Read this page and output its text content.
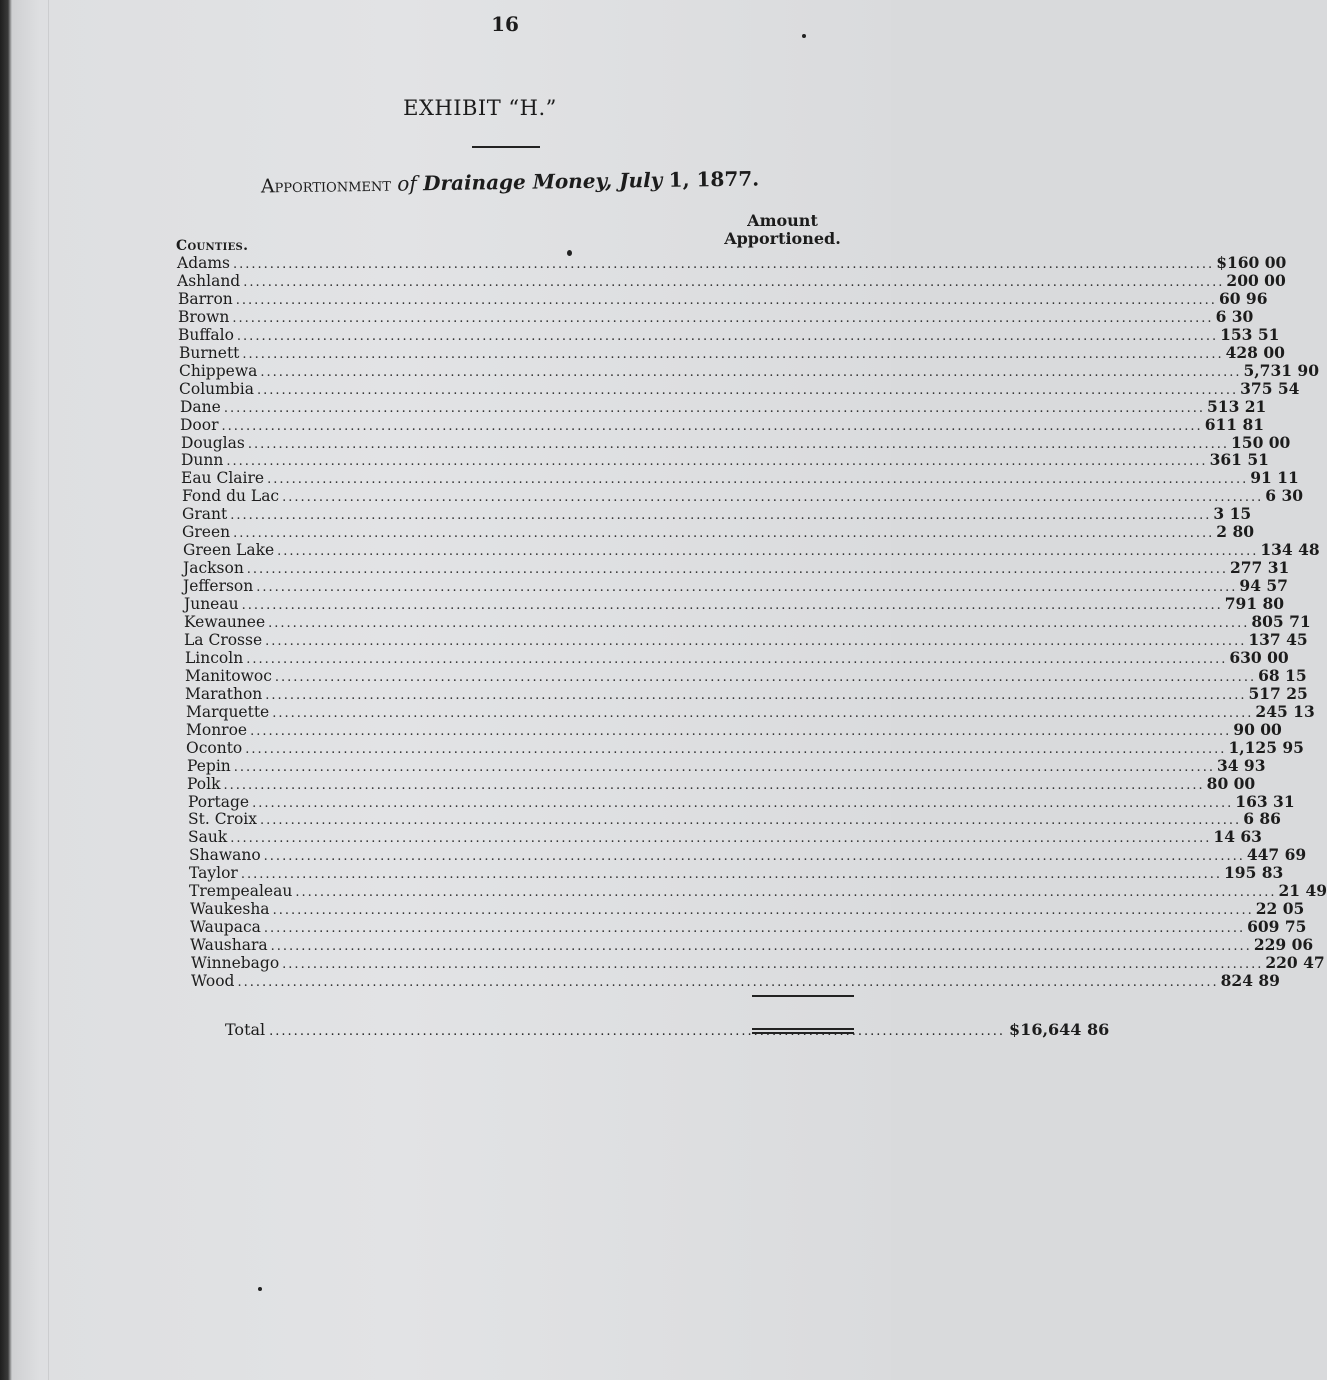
16
EXHIBIT “H.”
Apportionment of Drainage Money, July 1, 1877.
Counties.
Amount
Apportioned.
Adams ................................................................................................................................................................ $160 00
Ashland ................................................................................................................................................................ 200 00
Barron ................................................................................................................................................................ 60 96
Brown ................................................................................................................................................................ 6 30
Buffalo ................................................................................................................................................................ 153 51
Burnett ................................................................................................................................................................ 428 00
Chippewa ................................................................................................................................................................ 5,731 90
Columbia ................................................................................................................................................................ 375 54
Dane ................................................................................................................................................................ 513 21
Door ................................................................................................................................................................ 611 81
Douglas ................................................................................................................................................................ 150 00
Dunn ................................................................................................................................................................ 361 51
Eau Claire ................................................................................................................................................................ 91 11
Fond du Lac ................................................................................................................................................................ 6 30
Grant ................................................................................................................................................................ 3 15
Green ................................................................................................................................................................ 2 80
Green Lake ................................................................................................................................................................ 134 48
Jackson ................................................................................................................................................................ 277 31
Jefferson ................................................................................................................................................................ 94 57
Juneau ................................................................................................................................................................ 791 80
Kewaunee ................................................................................................................................................................ 805 71
La Crosse ................................................................................................................................................................ 137 45
Lincoln ................................................................................................................................................................ 630 00
Manitowoc ................................................................................................................................................................ 68 15
Marathon ................................................................................................................................................................ 517 25
Marquette ................................................................................................................................................................ 245 13
Monroe ................................................................................................................................................................ 90 00
Oconto ................................................................................................................................................................ 1,125 95
Pepin ................................................................................................................................................................ 34 93
Polk ................................................................................................................................................................ 80 00
Portage ................................................................................................................................................................ 163 31
St. Croix ................................................................................................................................................................ 6 86
Sauk ................................................................................................................................................................ 14 63
Shawano ................................................................................................................................................................ 447 69
Taylor ................................................................................................................................................................ 195 83
Trempealeau ................................................................................................................................................................ 21 49
Waukesha ................................................................................................................................................................ 22 05
Waupaca ................................................................................................................................................................ 609 75
Waushara ................................................................................................................................................................ 229 06
Winnebago ................................................................................................................................................................ 220 47
Wood ................................................................................................................................................................ 824 89
Total ........................................................................................................................ $16,644 86
